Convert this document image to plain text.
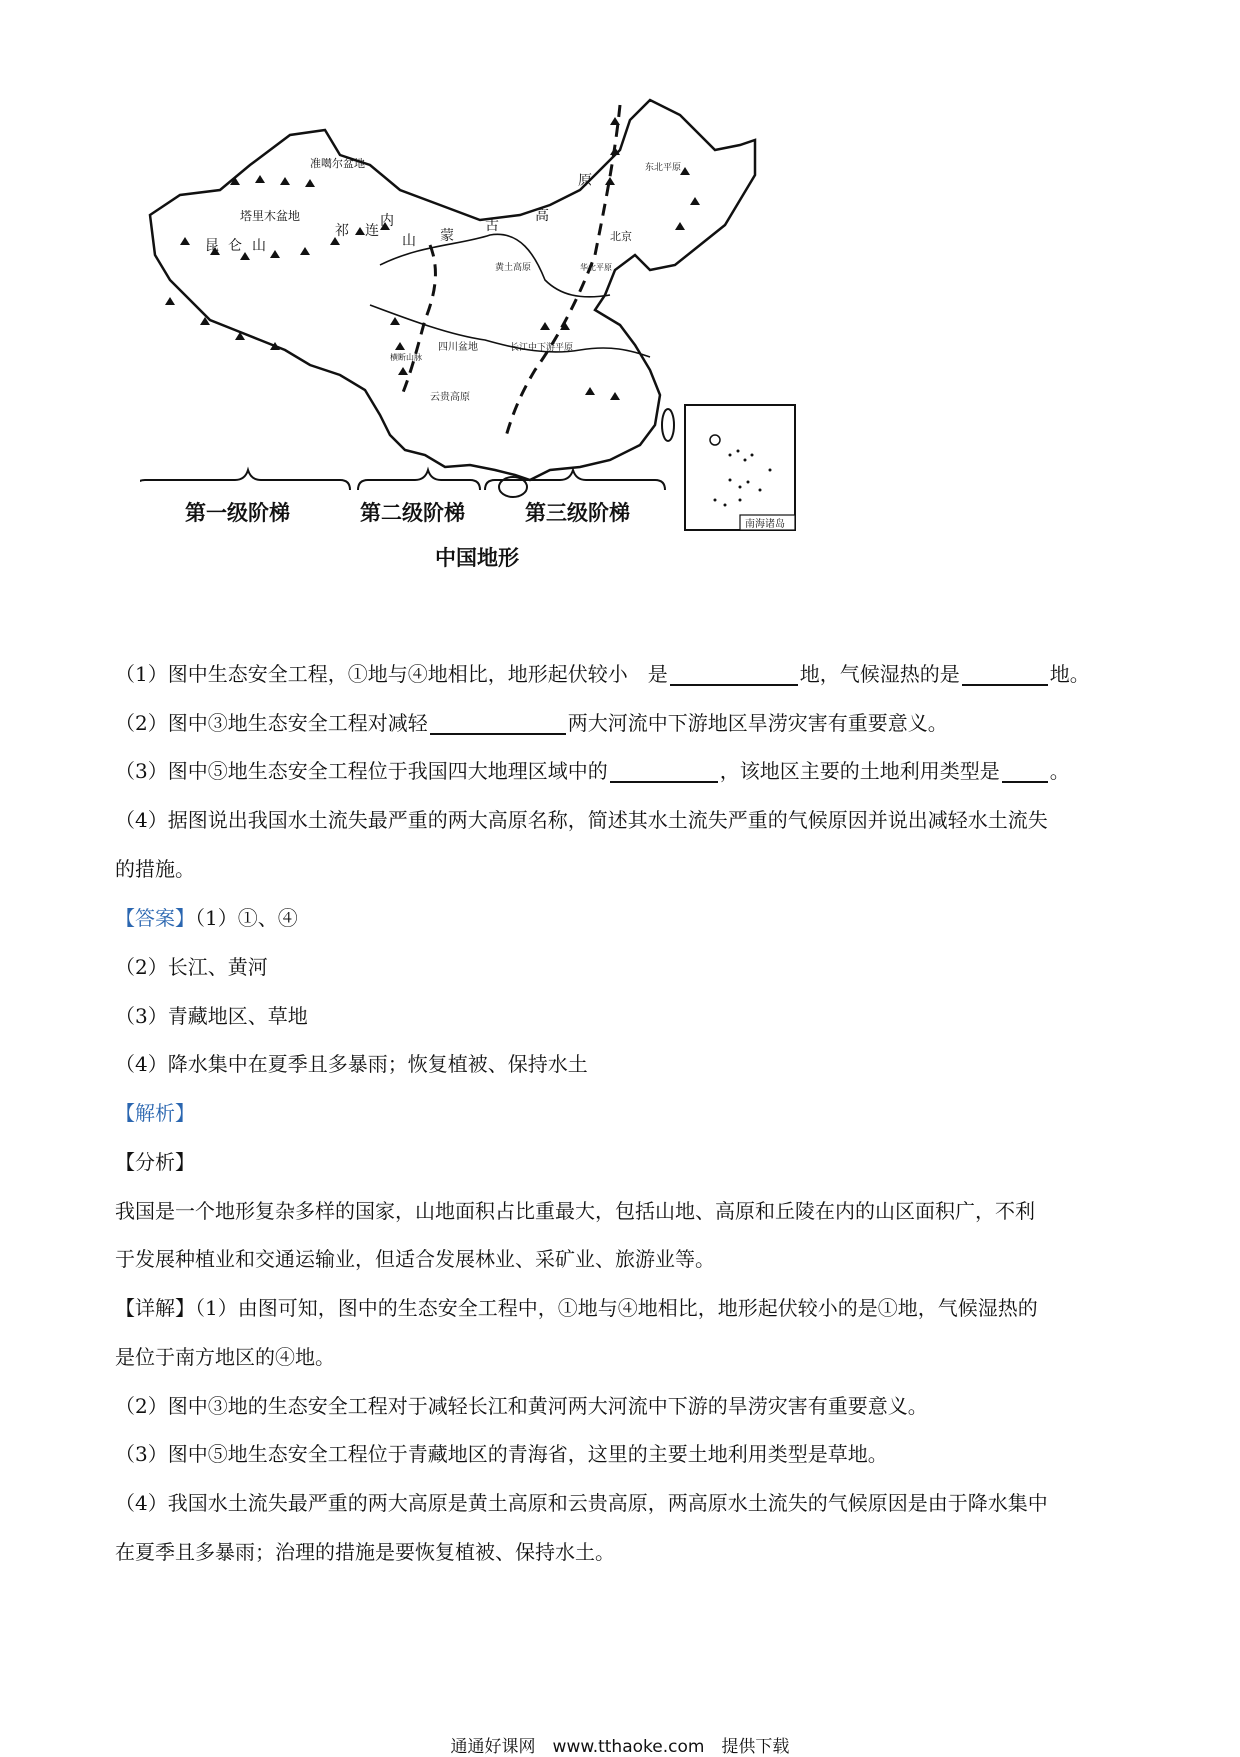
准噶尔盆地
塔里木盆地
昆 仑 山
祁 连
山
内
蒙
古
高
原
东北平原
北京
华北平原
黄土高原
四川盆地	长江中下游平原
云贵高原
横断山脉
第一级阶梯	第二级阶梯	第三级阶梯	南海诸岛
中国地形
（1）图中生态安全工程，①地与④地相比，地形起伏较小　是	地，气候湿热的是	地。
（2）图中③地生态安全工程对减轻	两大河流中下游地区旱涝灾害有重要意义。
（3）图中⑤地生态安全工程位于我国四大地理区域中的	，该地区主要的土地利用类型是	。
（4）据图说出我国水土流失最严重的两大高原名称，简述其水土流失严重的气候原因并说出减轻水土流失
的措施。
【答案】（1）①、④
（2）长江、黄河
（3）青藏地区、草地
（4）降水集中在夏季且多暴雨；恢复植被、保持水土
【解析】
【分析】
我国是一个地形复杂多样的国家，山地面积占比重最大，包括山地、高原和丘陵在内的山区面积广，不利
于发展种植业和交通运输业，但适合发展林业、采矿业、旅游业等。
【详解】（1）由图可知，图中的生态安全工程中，①地与④地相比，地形起伏较小的是①地，气候湿热的
是位于南方地区的④地。
（2）图中③地的生态安全工程对于减轻长江和黄河两大河流中下游的旱涝灾害有重要意义。
（3）图中⑤地生态安全工程位于青藏地区的青海省，这里的主要土地利用类型是草地。
（4）我国水土流失最严重的两大高原是黄土高原和云贵高原，两高原水土流失的气候原因是由于降水集中
在夏季且多暴雨；治理的措施是要恢复植被、保持水土。
通通好课网　www.tthaoke.com　提供下载
